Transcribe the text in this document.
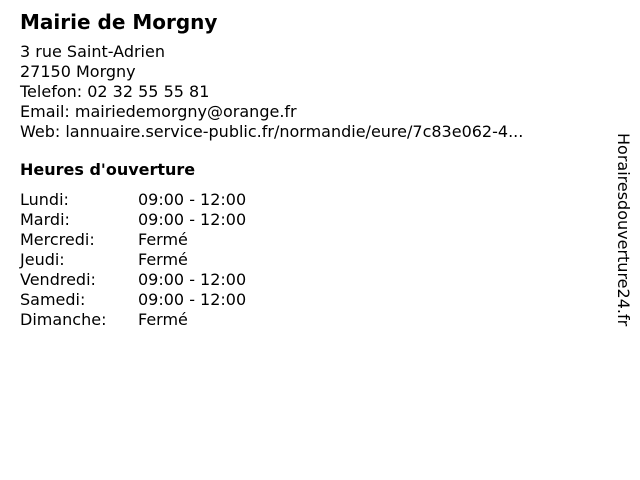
Mairie de Morgny
3 rue Saint-Adrien
27150 Morgny
Telefon: 02 32 55 55 81
Email: mairiedemorgny@orange.fr
Web: lannuaire.service-public.fr/normandie/eure/7c83e062-4...
Heures d'ouverture
Lundi:	09:00 - 12:00
Mardi:	09:00 - 12:00
Mercredi:	Fermé
Jeudi:	Fermé
Vendredi:	09:00 - 12:00
Samedi:	09:00 - 12:00
Dimanche:	Fermé	Horairesdouverture24.fr
